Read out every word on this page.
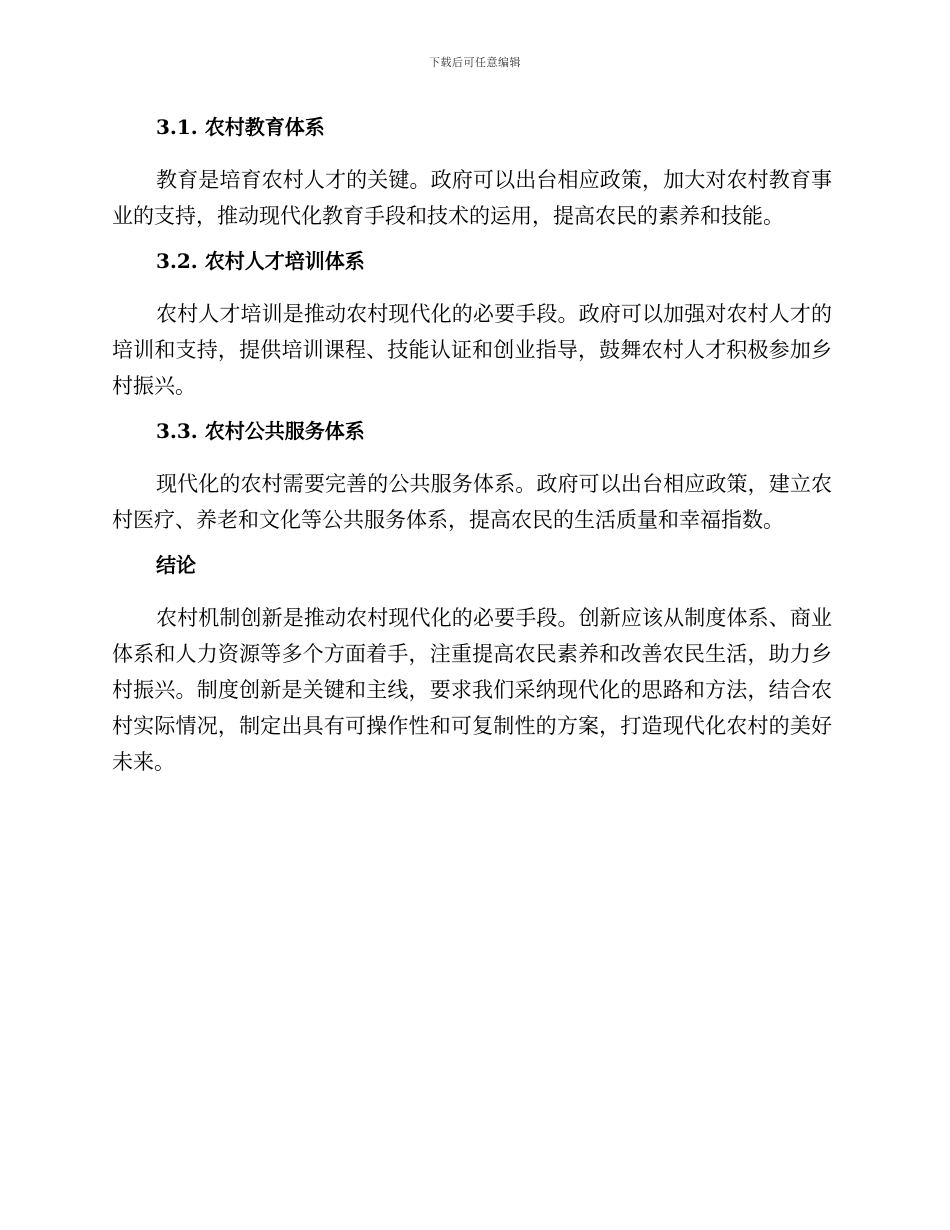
下载后可任意编辑
3.1. 农村教育体系

教育是培育农村人才的关键。政府可以出台相应政策，加大对农村教育事业的支持，推动现代化教育手段和技术的运用，提高农民的素养和技能。

3.2. 农村人才培训体系

农村人才培训是推动农村现代化的必要手段。政府可以加强对农村人才的培训和支持，提供培训课程、技能认证和创业指导，鼓舞农村人才积极参加乡村振兴。

3.3. 农村公共服务体系

现代化的农村需要完善的公共服务体系。政府可以出台相应政策，建立农村医疗、养老和文化等公共服务体系，提高农民的生活质量和幸福指数。

结论

农村机制创新是推动农村现代化的必要手段。创新应该从制度体系、商业体系和人力资源等多个方面着手，注重提高农民素养和改善农民生活，助力乡村振兴。制度创新是关键和主线，要求我们采纳现代化的思路和方法，结合农村实际情况，制定出具有可操作性和可复制性的方案，打造现代化农村的美好未来。
